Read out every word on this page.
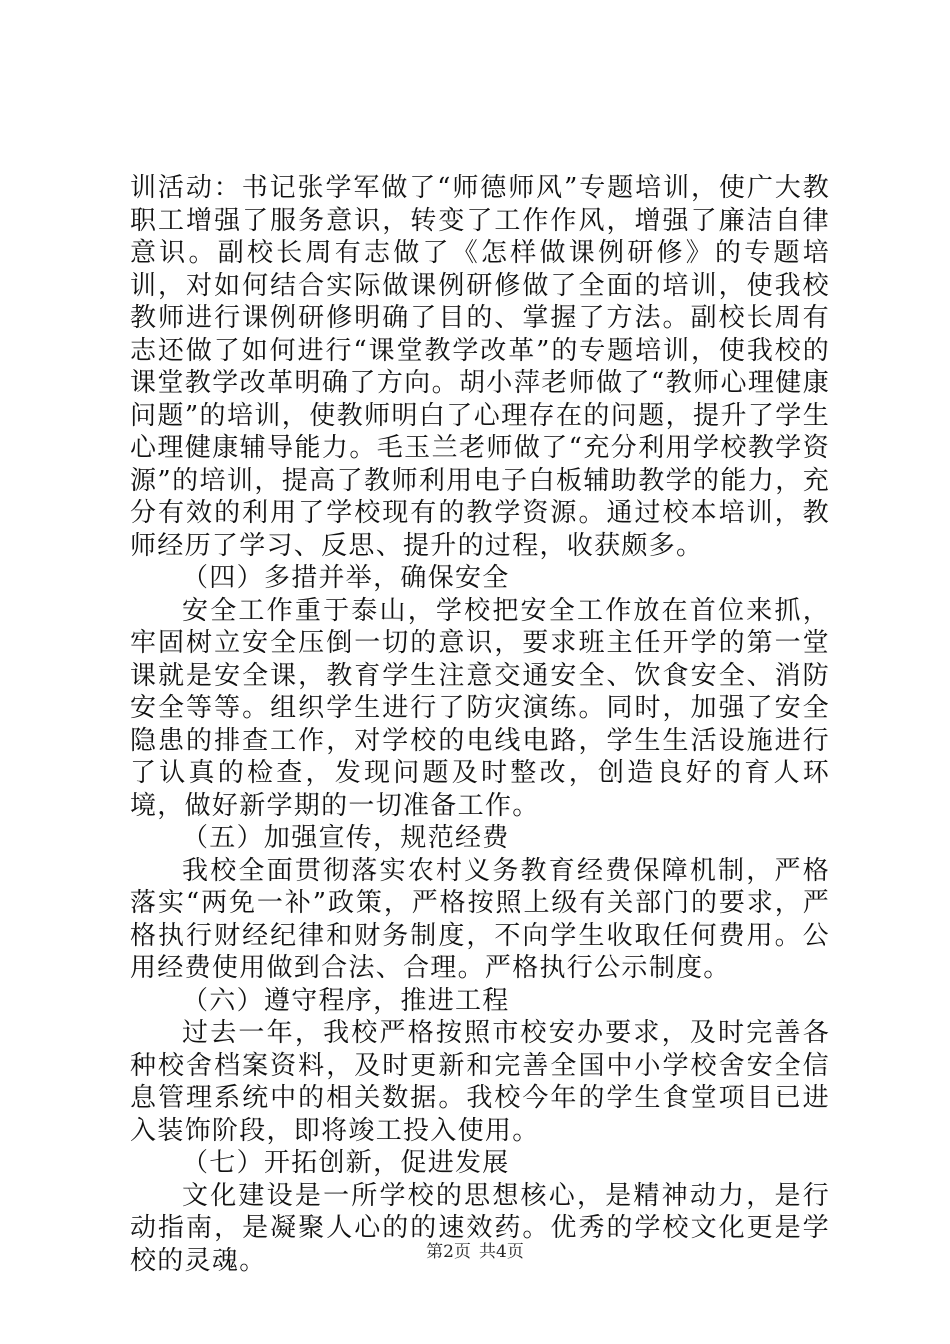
训活动：书记张学军做了“师德师风”专题培训，使广大教职工增强了服务意识，转变了工作作风，增强了廉洁自律意识。副校长周有志做了《怎样做课例研修》的专题培训，对如何结合实际做课例研修做了全面的培训，使我校教师进行课例研修明确了目的、掌握了方法。副校长周有志还做了如何进行“课堂教学改革”的专题培训，使我校的课堂教学改革明确了方向。胡小萍老师做了“教师心理健康问题”的培训，使教师明白了心理存在的问题，提升了学生心理健康辅导能力。毛玉兰老师做了“充分利用学校教学资源”的培训，提高了教师利用电子白板辅助教学的能力，充分有效的利用了学校现有的教学资源。通过校本培训，教师经历了学习、反思、提升的过程，收获颇多。

（四）多措并举，确保安全

安全工作重于泰山，学校把安全工作放在首位来抓，牢固树立安全压倒一切的意识，要求班主任开学的第一堂课就是安全课，教育学生注意交通安全、饮食安全、消防安全等等。组织学生进行了防灾演练。同时，加强了安全隐患的排查工作，对学校的电线电路，学生生活设施进行了认真的检查，发现问题及时整改，创造良好的育人环境，做好新学期的一切准备工作。

（五）加强宣传，规范经费

我校全面贯彻落实农村义务教育经费保障机制，严格落实“两免一补”政策，严格按照上级有关部门的要求，严格执行财经纪律和财务制度，不向学生收取任何费用。公用经费使用做到合法、合理。严格执行公示制度。

（六）遵守程序，推进工程

过去一年，我校严格按照市校安办要求，及时完善各种校舍档案资料，及时更新和完善全国中小学校舍安全信息管理系统中的相关数据。我校今年的学生食堂项目已进入装饰阶段，即将竣工投入使用。

（七）开拓创新，促进发展

文化建设是一所学校的思想核心，是精神动力，是行动指南，是凝聚人心的的速效药。优秀的学校文化更是学校的灵魂。	第2页 共4页
